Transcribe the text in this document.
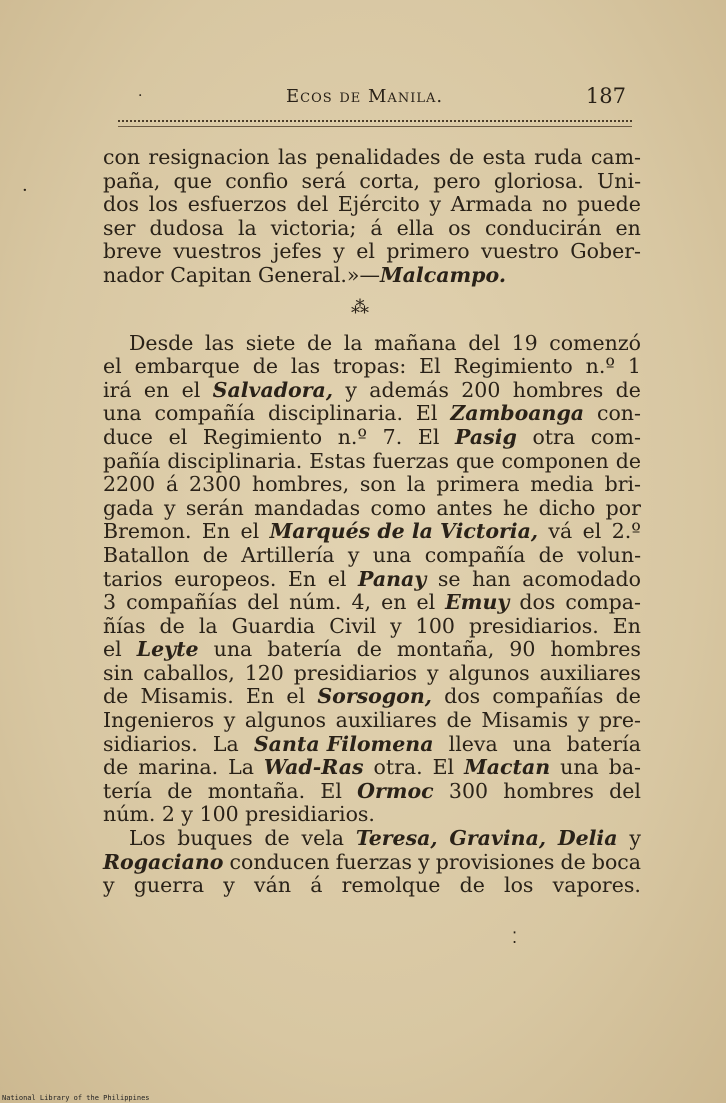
·	Ecos de Manila.	187
·
con resignacion las penalidades de esta ruda cam-
paña, que confio será corta, pero gloriosa. Uni-
dos los esfuerzos del Ejército y Armada no puede
ser dudosa la victoria; á ella os conducirán en
breve vuestros jefes y el primero vuestro Gober-
nador Capitan General.»— Malcampo.
⁂
Desde las siete de la mañana del 19 comenzó
el embarque de las tropas: El Regimiento n.º 1
irá en el Salvadora, y además 200 hombres de
una compañía disciplinaria. El Zamboanga con-
duce el Regimiento n.º 7. El Pasig otra com-
pañía disciplinaria. Estas fuerzas que componen de
2200 á 2300 hombres, son la primera media bri-
gada y serán mandadas como antes he dicho por
Bremon. En el Marqués de la Victoria, vá el 2.º
Batallon de Artillería y una compañía de volun-
tarios europeos. En el Panay se han acomodado
3 compañías del núm. 4, en el Emuy dos compa-
ñías de la Guardia Civil y 100 presidiarios. En
el Leyte una batería de montaña, 90 hombres
sin caballos, 120 presidiarios y algunos auxiliares
de Misamis. En el Sorsogon, dos compañías de
Ingenieros y algunos auxiliares de Misamis y pre-
sidiarios. La Santa Filomena lleva una batería
de marina. La Wad-Ras otra. El Mactan una ba-
tería de montaña. El Ormoc 300 hombres del
núm. 2 y 100 presidiarios.
Los buques de vela Teresa, Gravina, Delia y
Rogaciano conducen fuerzas y provisiones de boca
y guerra y ván á remolque de los vapores.
⁚
National Library of the Philippines
